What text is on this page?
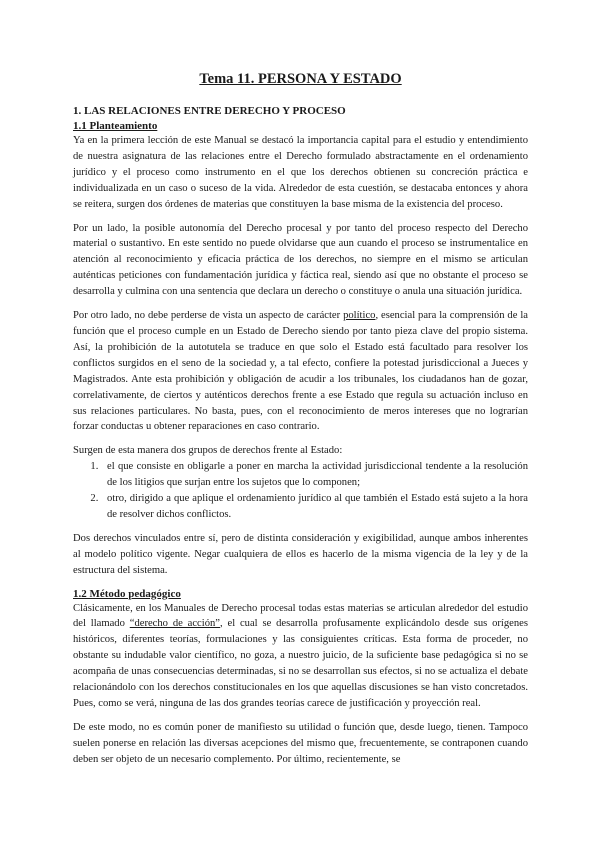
Tema 11. PERSONA Y ESTADO
1. LAS RELACIONES ENTRE DERECHO Y PROCESO
1.1 Planteamiento

Ya en la primera lección de este Manual se destacó la importancia capital para el estudio y entendimiento de nuestra asignatura de las relaciones entre el Derecho formulado abstractamente en el ordenamiento jurídico y el proceso como instrumento en el que los derechos obtienen su concreción práctica e individualizada en un caso o suceso de la vida. Alrededor de esta cuestión, se destacaba entonces y ahora se reitera, surgen dos órdenes de materias que constituyen la base misma de la existencia del proceso.

Por un lado, la posible autonomía del Derecho procesal y por tanto del proceso respecto del Derecho material o sustantivo. En este sentido no puede olvidarse que aun cuando el proceso se instrumentalice en atención al reconocimiento y eficacia práctica de los derechos, no siempre en el mismo se articulan auténticas peticiones con fundamentación jurídica y fáctica real, siendo así que no obstante el proceso se desarrolla y culmina con una sentencia que declara un derecho o constituye o anula una situación jurídica.

Por otro lado, no debe perderse de vista un aspecto de carácter político, esencial para la comprensión de la función que el proceso cumple en un Estado de Derecho siendo por tanto pieza clave del propio sistema. Así, la prohibición de la autotutela se traduce en que solo el Estado está facultado para resolver los conflictos surgidos en el seno de la sociedad y, a tal efecto, confiere la potestad jurisdiccional a Jueces y Magistrados. Ante esta prohibición y obligación de acudir a los tribunales, los ciudadanos han de gozar, correlativamente, de ciertos y auténticos derechos frente a ese Estado que regula su actuación incluso en sus relaciones particulares. No basta, pues, con el reconocimiento de meros intereses que no lograrían forzar conductas u obtener reparaciones en caso contrario.

Surgen de esta manera dos grupos de derechos frente al Estado:

1. el que consiste en obligarle a poner en marcha la actividad jurisdiccional tendente a la resolución de los litigios que surjan entre los sujetos que lo componen;
2. otro, dirigido a que aplique el ordenamiento jurídico al que también el Estado está sujeto a la hora de resolver dichos conflictos.

Dos derechos vinculados entre sí, pero de distinta consideración y exigibilidad, aunque ambos inherentes al modelo político vigente. Negar cualquiera de ellos es hacerlo de la misma vigencia de la ley y de la estructura del sistema.

1.2 Método pedagógico

Clásicamente, en los Manuales de Derecho procesal todas estas materias se articulan alrededor del estudio del llamado “derecho de acción”, el cual se desarrolla profusamente explicándolo desde sus orígenes históricos, diferentes teorías, formulaciones y las consiguientes críticas. Esta forma de proceder, no obstante su indudable valor científico, no goza, a nuestro juicio, de la suficiente base pedagógica si no se acompaña de unas consecuencias determinadas, si no se desarrollan sus efectos, si no se actualiza el debate relacionándolo con los derechos constitucionales en los que aquellas discusiones se han visto concretados. Pues, como se verá, ninguna de las dos grandes teorías carece de justificación y proyección real.

De este modo, no es común poner de manifiesto su utilidad o función que, desde luego, tienen. Tampoco suelen ponerse en relación las diversas acepciones del mismo que, frecuentemente, se contraponen cuando deben ser objeto de un necesario complemento. Por último, recientemente, se
